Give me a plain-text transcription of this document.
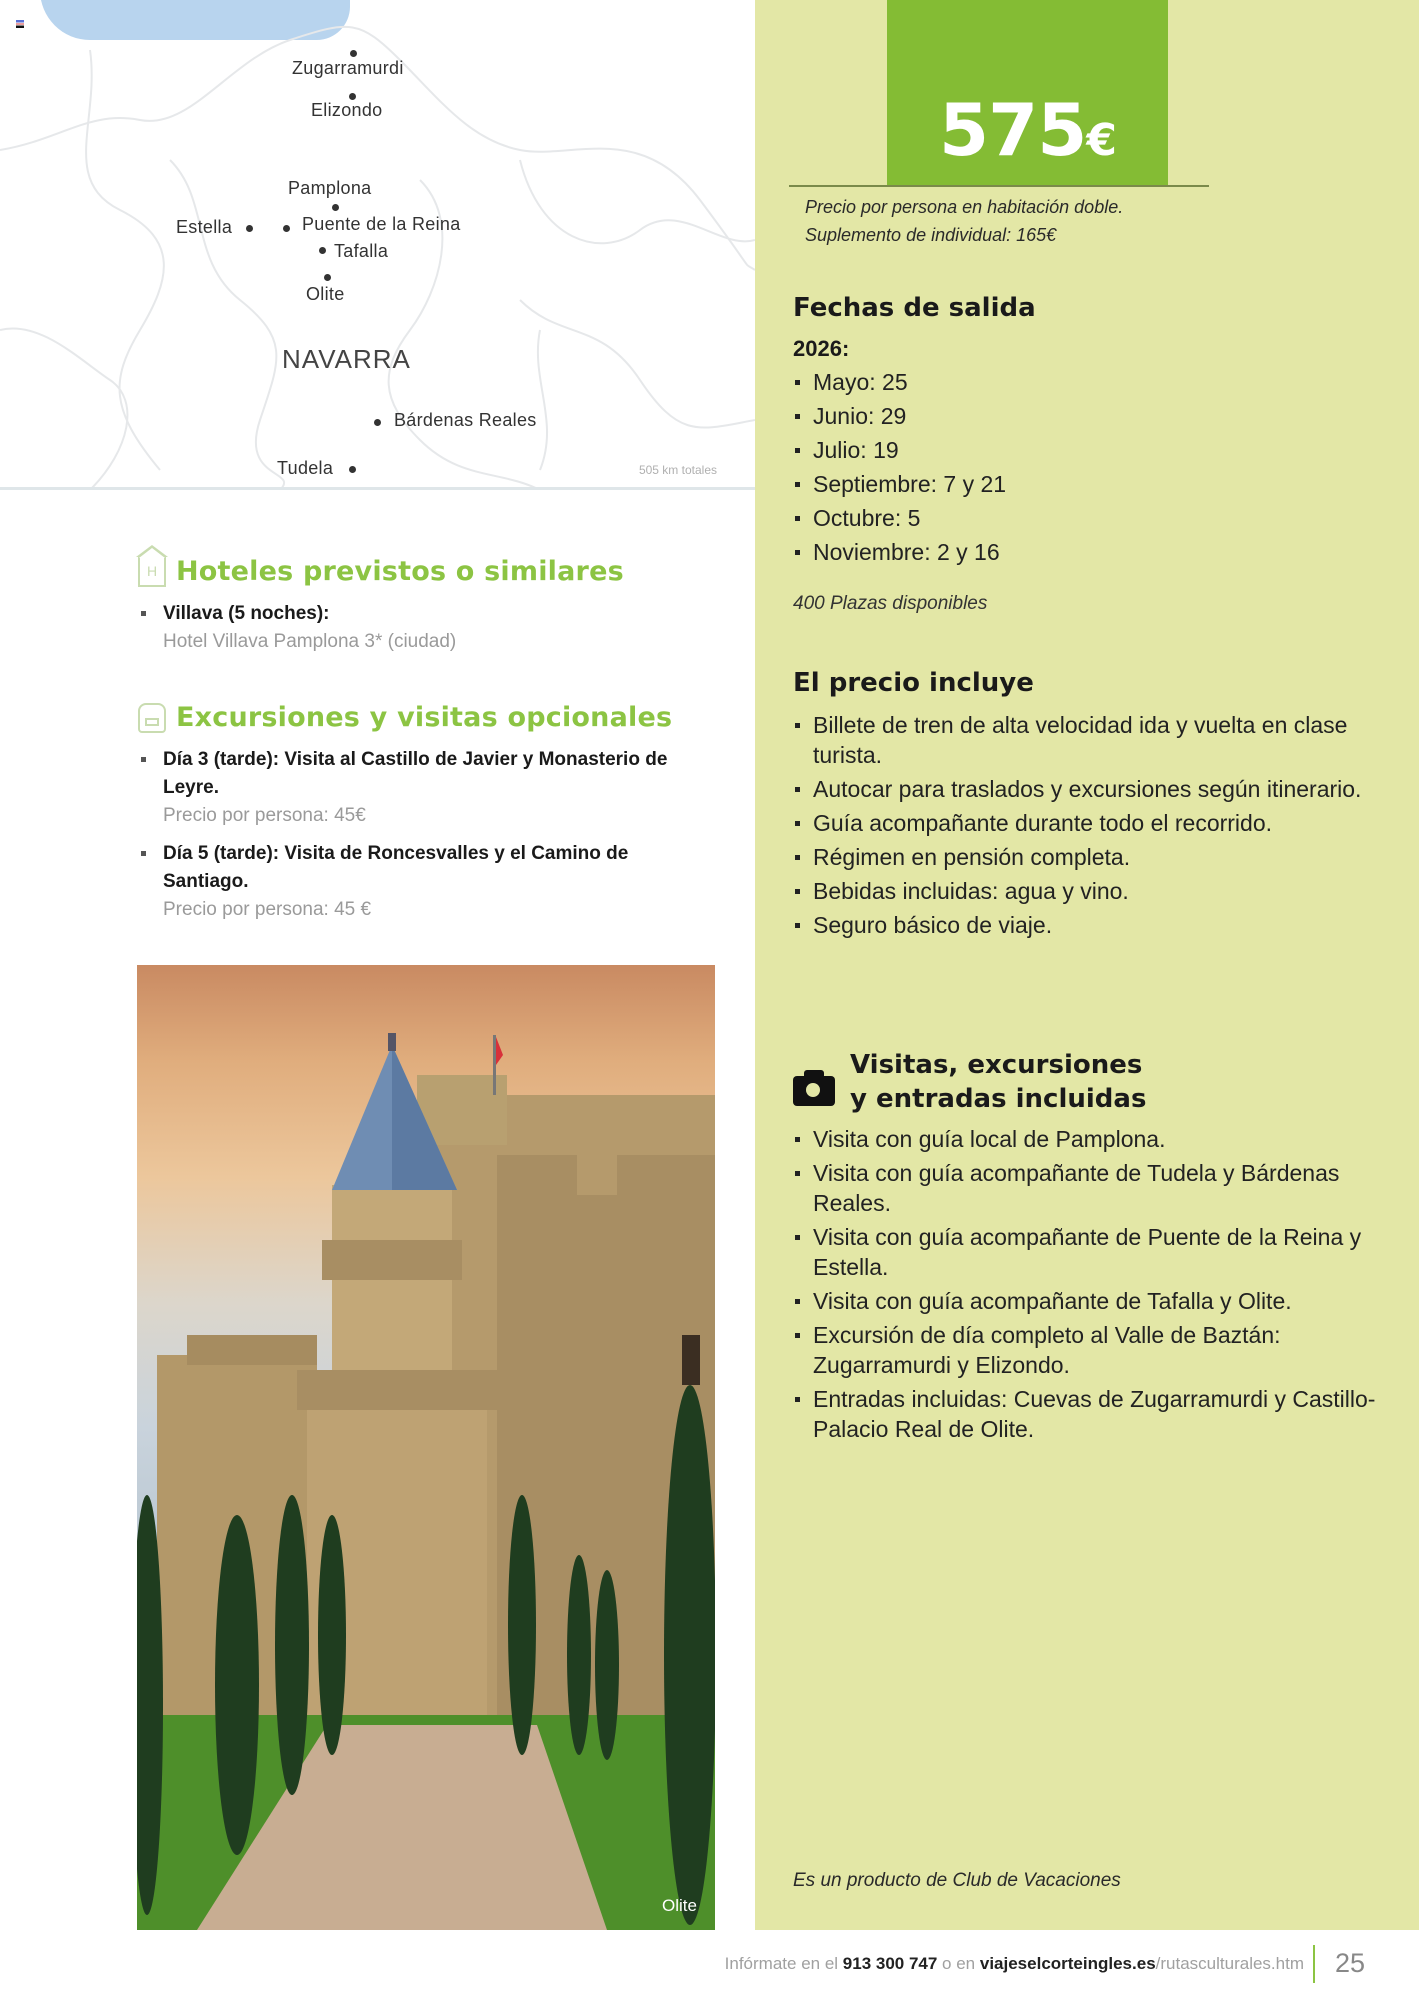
Zugarramurdi
Elizondo
Pamplona
Estella	Puente de la Reina
Tafalla
Olite
NAVARRA
Bárdenas Reales
Tudela	505 km totales
H Hoteles previstos o similares
Villava (5 noches):
Hotel Villava Pamplona 3* (ciudad)
Excursiones y visitas opcionales
Día 3 (tarde): Visita al Castillo de Javier y Monasterio de Leyre.
Precio por persona: 45€
Día 5 (tarde): Visita de Roncesvalles y el Camino de Santiago.
Precio por persona: 45 €
Olite
575€
Precio por persona en habitación doble.
Suplemento de individual: 165€
Fechas de salida
2026:
Mayo: 25
Junio: 29
Julio: 19
Septiembre: 7 y 21
Octubre: 5
Noviembre: 2 y 16
400 Plazas disponibles
El precio incluye
Billete de tren de alta velocidad ida y vuelta en clase turista.
Autocar para traslados y excursiones según itinerario.
Guía acompañante durante todo el recorrido.
Régimen en pensión completa.
Bebidas incluidas: agua y vino.
Seguro básico de viaje.
Visitas, excursiones
y entradas incluidas
Visita con guía local de Pamplona.
Visita con guía acompañante de Tudela y Bárdenas Reales.
Visita con guía acompañante de Puente de la Reina y Estella.
Visita con guía acompañante de Tafalla y Olite.
Excursión de día completo al Valle de Baztán: Zugarramurdi y Elizondo.
Entradas incluidas: Cuevas de Zugarramurdi y Castillo-Palacio Real de Olite.
Es un producto de Club de Vacaciones
Infórmate en el 913 300 747 o en viajeselcorteingles.es/rutasculturales.htm 25
